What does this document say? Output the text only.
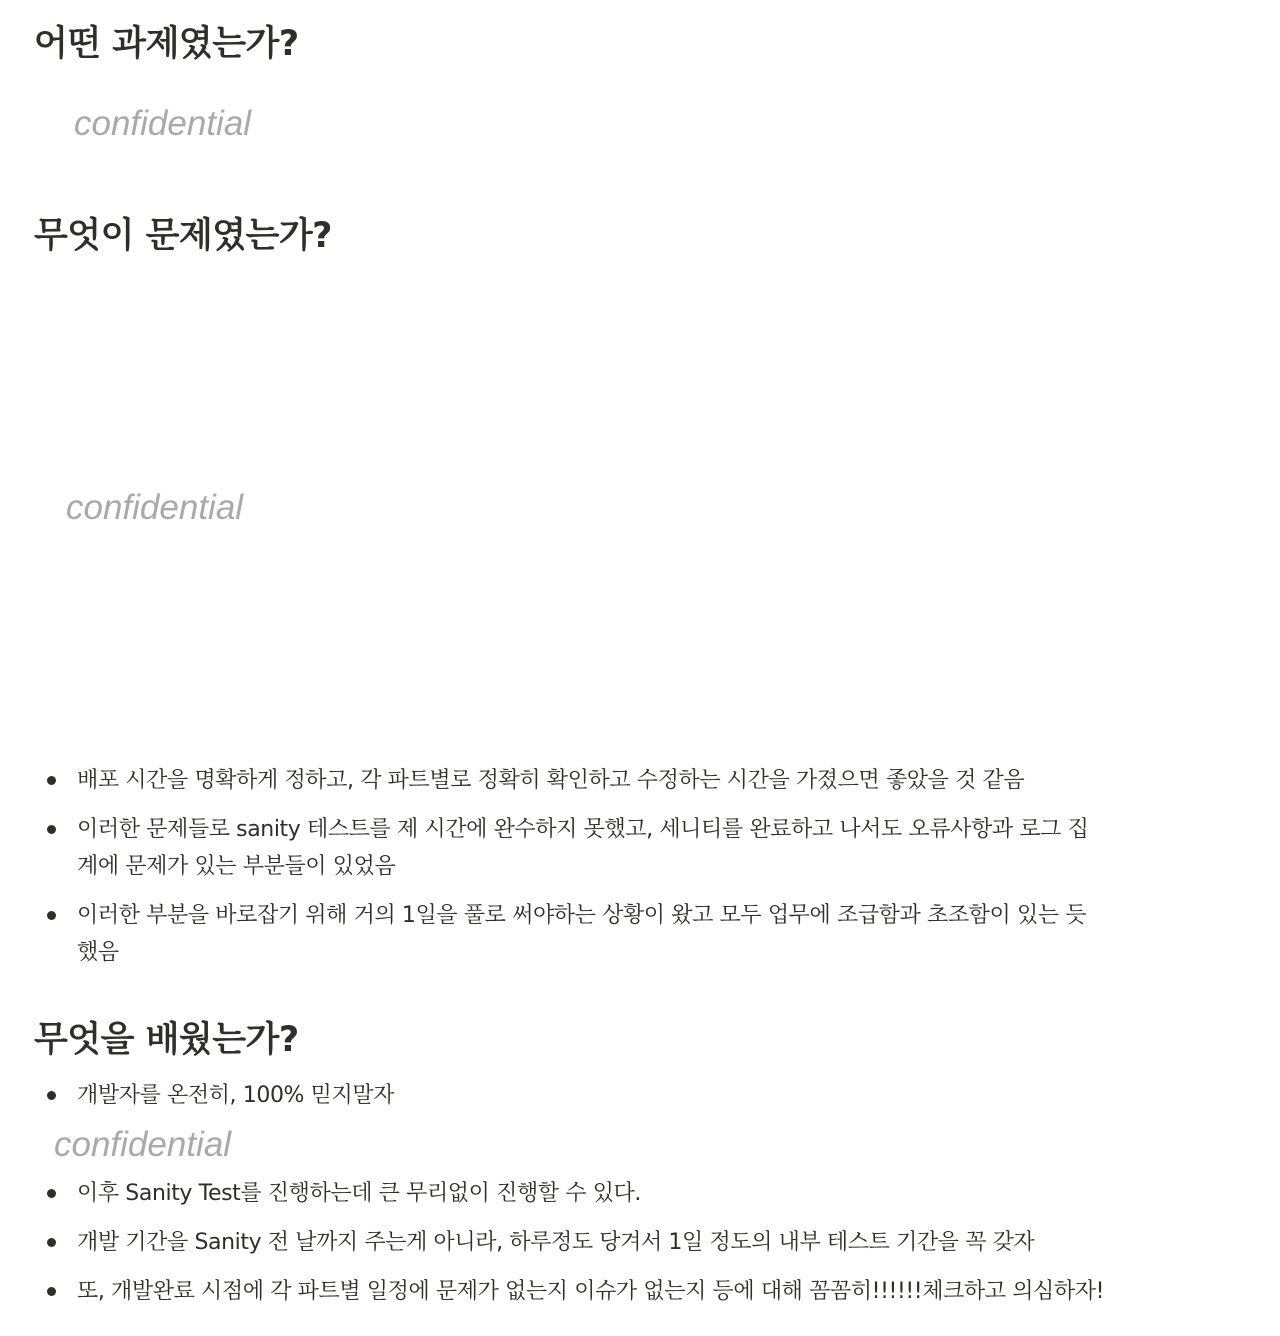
어떤 과제였는가?
confidential
무엇이 문제였는가?
confidential
배포 시간을 명확하게 정하고, 각 파트별로 정확히 확인하고 수정하는 시간을 가졌으면 좋았을 것 같음
이러한 문제들로 sanity 테스트를 제 시간에 완수하지 못했고, 세니티를 완료하고 나서도 오류사항과 로그 집계에 문제가 있는 부분들이 있었음
이러한 부분을 바로잡기 위해 거의 1일을 풀로 써야하는 상황이 왔고 모두 업무에 조급함과 초조함이 있는 듯 했음
무엇을 배웠는가?
개발자를 온전히, 100% 믿지말자
confidential
이후 Sanity Test를 진행하는데 큰 무리없이 진행할 수 있다.
개발 기간을 Sanity 전 날까지 주는게 아니라, 하루정도 당겨서 1일 정도의 내부 테스트 기간을 꼭 갖자
또, 개발완료 시점에 각 파트별 일정에 문제가 없는지 이슈가 없는지 등에 대해 꼼꼼히!!!!!!체크하고 의심하자!
